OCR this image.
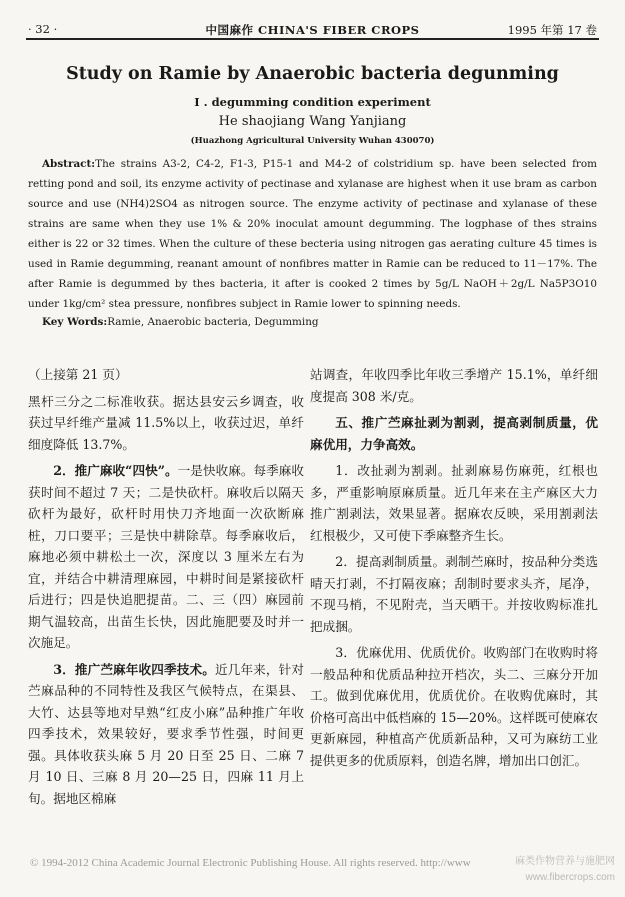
· 32 ·	中国麻作 CHINA'S FIBER CROPS	1995 年第 17 卷
Study on Ramie by Anaerobic bacteria degunming
I . degumming condition experiment
He shaojiang Wang Yanjiang
(Huazhong Agricultural University Wuhan 430070)

Abstract:The strains A3-2, C4-2, F1-3, P15-1 and M4-2 of colstridium sp. have been selected from retting pond and soil, its enzyme activity of pectinase and xylanase are highest when it use bram as carbon source and use (NH4)2SO4 as nitrogen source. The enzyme activity of pectinase and xylanase of these strains are same when they use 1% & 20% inoculat amount degumming. The logphase of thes strains either is 22 or 32 times. When the culture of these becteria using nitrogen gas aerating culture 45 times is used in Ramie degumming, reanant amount of nonfibres matter in Ramie can be reduced to 11－17%. The after Ramie is degummed by thes bacteria, it after is cooked 2 times by 5g/L NaOH＋2g/L Na5P3O10 under 1kg/cm² stea pressure, nonfibres subject in Ramie lower to spinning needs.

Key Words:Ramie, Anaerobic bacteria, Degumming

（上接第 21 页）

黑杆三分之二标准收获。据达县安云乡调查，收获过早纤维产量减 11.5%以上，收获过迟，单纤细度降低 13.7%。

2．推广麻收“四快”。一是快收麻。每季麻收获时间不超过 7 天；二是快砍杆。麻收后以隔天砍杆为最好，砍杆时用快刀齐地面一次砍断麻桩，刀口要平；三是快中耕除草。每季麻收后，麻地必须中耕松土一次，深度以 3 厘米左右为宜，并结合中耕清理麻园，中耕时间是紧接砍杆后进行；四是快追肥提苗。二、三（四）麻园前期气温较高，出苗生长快，因此施肥要及时并一次施足。

3．推广苎麻年收四季技术。近几年来，针对苎麻品种的不同特性及我区气候特点，在渠县、大竹、达县等地对早熟“红皮小麻”品种推广年收四季技术，效果较好，要求季节性强，时间更强。具体收获头麻 5 月 20 日至 25 日、二麻 7 月 10 日、三麻 8 月 20—25 日，四麻 11 月上旬。据地区棉麻

站调查，年收四季比年收三季增产 15.1%，单纤细度提高 308 米/克。

五、推广苎麻扯剥为割剥，提高剥制质量，优麻优用，力争高效。

1．改扯剥为割剥。扯剥麻易伤麻蔸，红根也多，严重影响原麻质量。近几年来在主产麻区大力推广割剥法，效果显著。据麻农反映，采用割剥法红根极少，又可使下季麻整齐生长。

2．提高剥制质量。剥制苎麻时，按品种分类选晴天打剥，不打隔夜麻；刮制时要求头齐，尾净，不现马梢，不见附壳，当天晒干。并按收购标准扎把成捆。

3．优麻优用、优质优价。收购部门在收购时将一般品种和优质品种拉开档次，头二、三麻分开加工。做到优麻优用，优质优价。在收购优麻时，其价格可高出中低档麻的 15—20%。这样既可使麻农更新麻园，种植高产优质新品种，又可为麻纺工业提供更多的优质原料，创造名牌，增加出口创汇。

© 1994-2012 China Academic Journal Electronic Publishing House. All rights reserved. http://www	麻类作物营养与施肥网
www.fibercrops.com
